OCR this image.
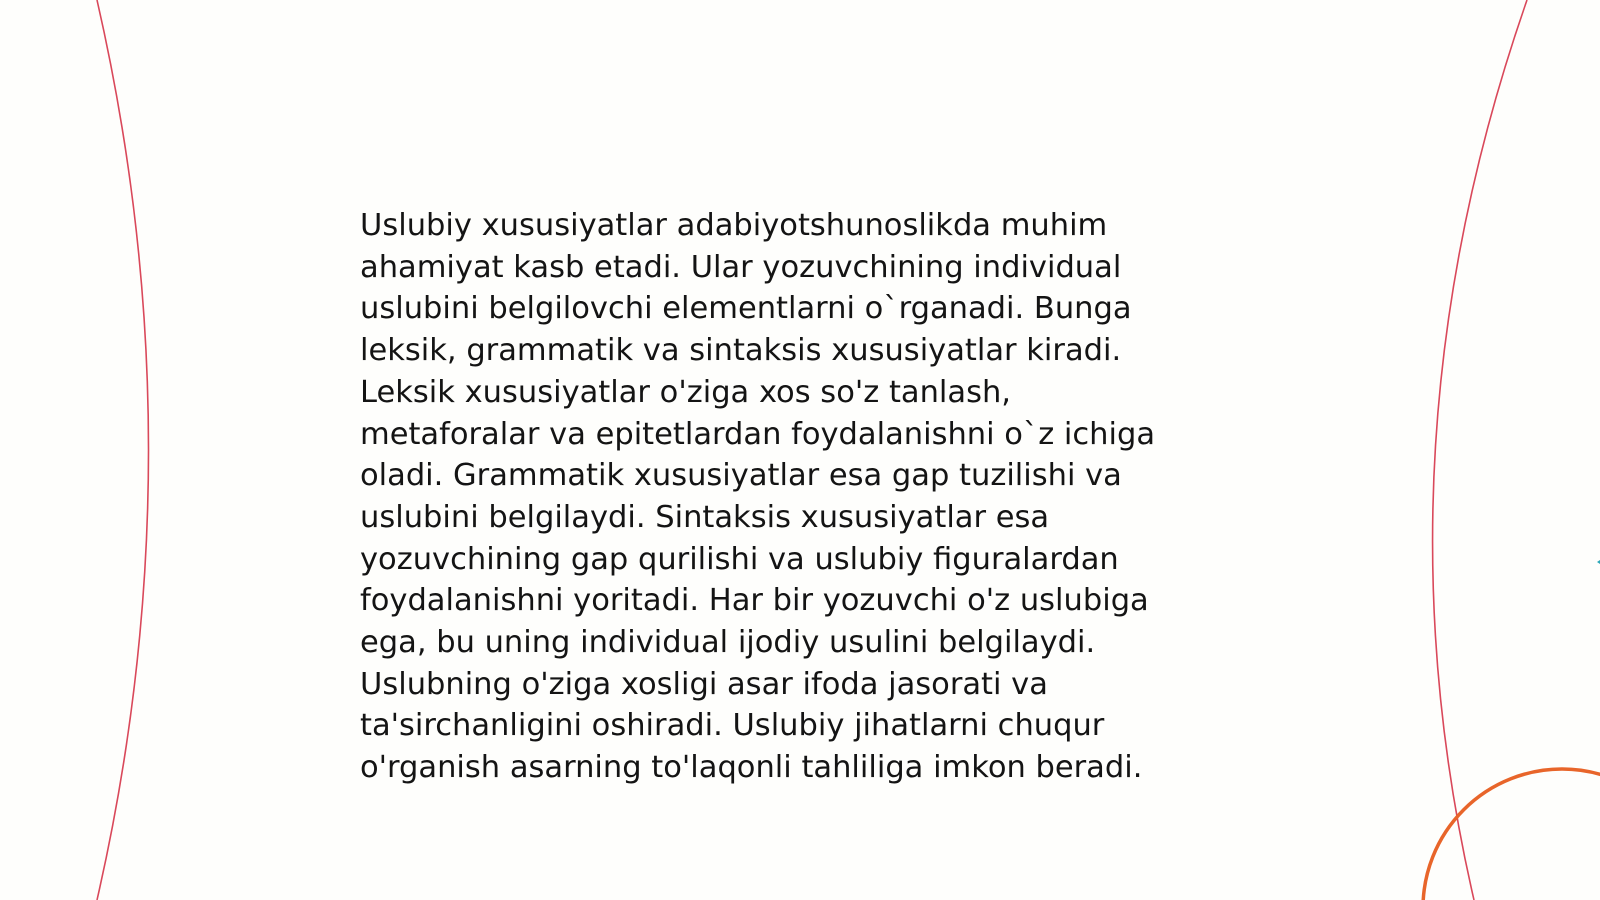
Uslubiy xususiyatlar adabiyotshunoslikda muhim
ahamiyat kasb etadi. Ular yozuvchining individual
uslubini belgilovchi elementlarni o`rganadi. Bunga
leksik, grammatik va sintaksis xususiyatlar kiradi.
Leksik xususiyatlar o'ziga xos so'z tanlash,
metaforalar va epitetlardan foydalanishni o`z ichiga
oladi. Grammatik xususiyatlar esa gap tuzilishi va
uslubini belgilaydi. Sintaksis xususiyatlar esa
yozuvchining gap qurilishi va uslubiy figuralardan
foydalanishni yoritadi. Har bir yozuvchi o'z uslubiga
ega, bu uning individual ijodiy usulini belgilaydi.
Uslubning o'ziga xosligi asar ifoda jasorati va
ta'sirchanligini oshiradi. Uslubiy jihatlarni chuqur
o'rganish asarning to'laqonli tahliliga imkon beradi.
